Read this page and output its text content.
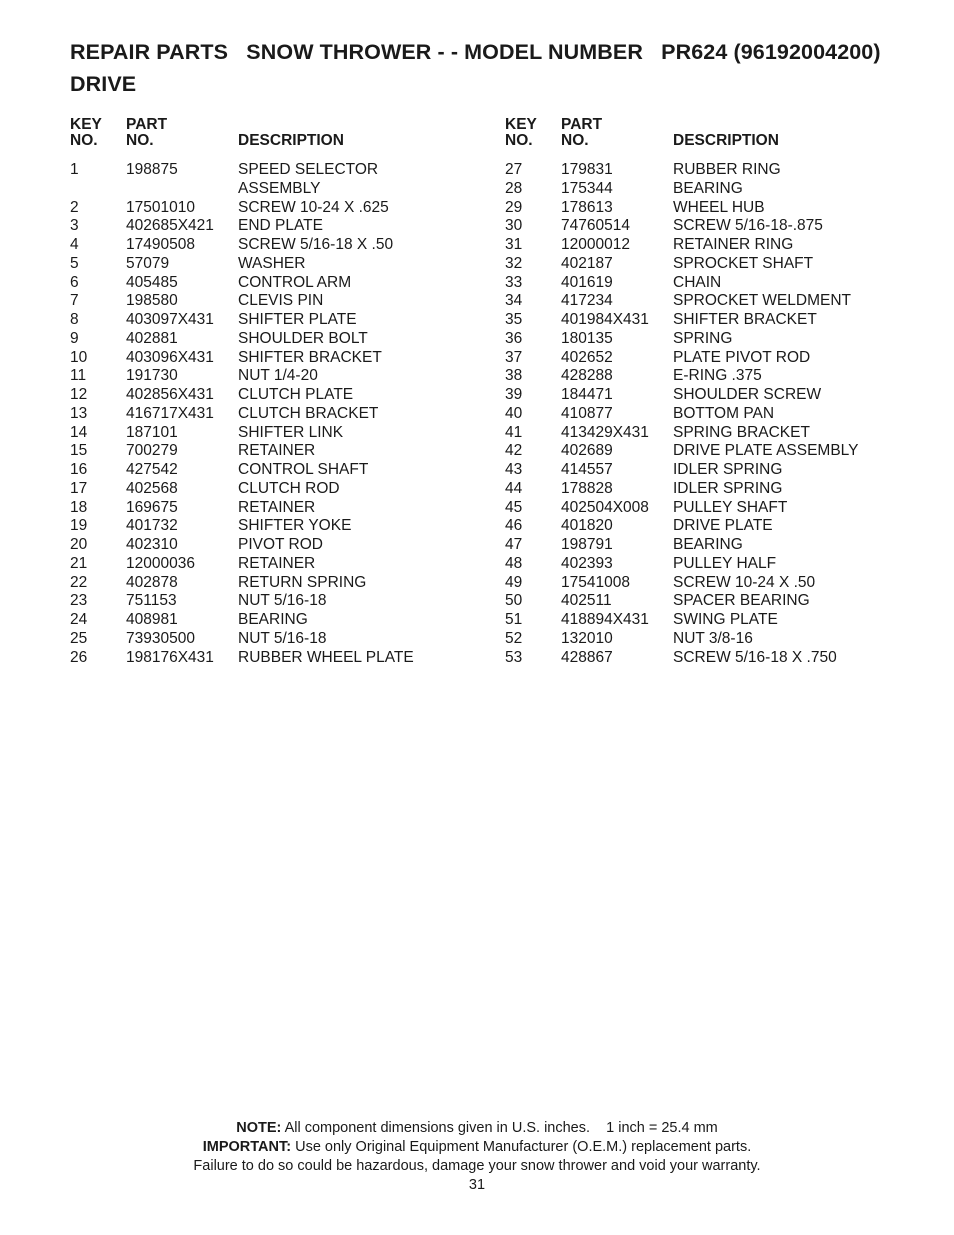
REPAIR PARTS   SNOW THROWER - - MODEL NUMBER   PR624 (96192004200)
DRIVE
KEY
NO.
PART
NO.	DESCRIPTION
1	198875	SPEED SELECTOR ASSEMBLY
2	17501010	SCREW 10-24 X .625
3	402685X421 END PLATE
4	17490508	SCREW 5/16-18 X .50
5	57079	WASHER
6	405485	CONTROL ARM
7	198580	CLEVIS PIN
8	403097X431 SHIFTER PLATE
9	402881	SHOULDER BOLT
10	403096X431 SHIFTER BRACKET
11	191730	NUT 1/4-20
12	402856X431 CLUTCH PLATE
13	416717X431 CLUTCH BRACKET
14	187101	SHIFTER LINK
15	700279	RETAINER
16	427542	CONTROL SHAFT
17	402568	CLUTCH ROD
18	169675	RETAINER
19	401732	SHIFTER YOKE
20	402310	PIVOT ROD
21	12000036	RETAINER
22	402878	RETURN SPRING
23	751153	NUT 5/16-18
24	408981	BEARING
25	73930500	NUT 5/16-18
26	198176X431 RUBBER WHEEL PLATE
KEY
NO.
PART
NO.	DESCRIPTION
27	179831	RUBBER RING
28	175344	BEARING
29	178613	WHEEL HUB
30	74760514	SCREW 5/16-18-.875
31	12000012	RETAINER RING
32	402187	SPROCKET SHAFT
33	401619	CHAIN
34	417234	SPROCKET WELDMENT
35	401984X431 SHIFTER BRACKET
36	180135	SPRING
37	402652	PLATE PIVOT ROD
38	428288	E-RING .375
39	184471	SHOULDER SCREW
40	410877	BOTTOM PAN
41	413429X431 SPRING BRACKET
42	402689	DRIVE PLATE ASSEMBLY
43	414557	IDLER SPRING
44	178828	IDLER SPRING
45	402504X008 PULLEY SHAFT
46	401820	DRIVE PLATE
47	198791	BEARING
48	402393	PULLEY HALF
49	17541008	SCREW 10-24 X .50
50	402511	SPACER BEARING
51	418894X431 SWING PLATE
52	132010	NUT 3/8-16
53	428867	SCREW 5/16-18 X .750
NOTE: All component dimensions given in U.S. inches.    1 inch = 25.4 mm
IMPORTANT: Use only Original Equipment Manufacturer (O.E.M.) replacement parts.
Failure to do so could be hazardous, damage your snow thrower and void your warranty.
31
